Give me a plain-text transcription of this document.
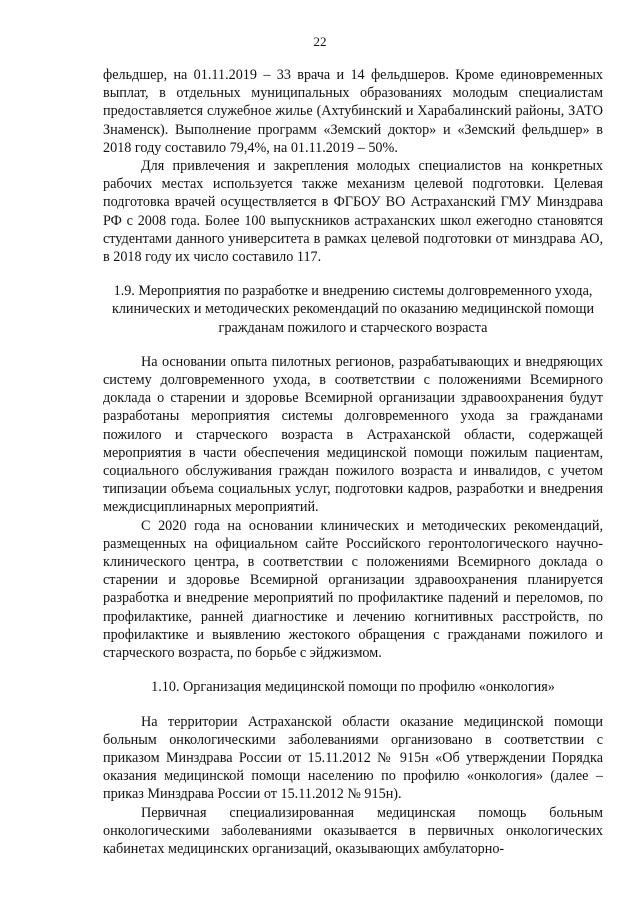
22

фельдшер, на 01.11.2019 – 33 врача и 14 фельдшеров. Кроме единовременных выплат, в отдельных муниципальных образованиях молодым специалистам предоставляется служебное жилье (Ахтубинский и Харабалинский районы, ЗАТО Знаменск). Выполнение программ «Земский доктор» и «Земский фельдшер» в 2018 году составило 79,4%, на 01.11.2019 – 50%.

Для привлечения и закрепления молодых специалистов на конкретных рабочих местах используется также механизм целевой подготовки. Целевая подготовка врачей осуществляется в ФГБОУ ВО Астраханский ГМУ Минздрава РФ с 2008 года. Более 100 выпускников астраханских школ ежегодно становятся студентами данного университета в рамках целевой подготовки от минздрава АО, в 2018 году их число составило 117.

1.9. Мероприятия по разработке и внедрению системы долговременного ухода, клинических и методических рекомендаций по оказанию медицинской помощи гражданам пожилого и старческого возраста

На основании опыта пилотных регионов, разрабатывающих и внедряющих систему долговременного ухода, в соответствии с положениями Всемирного доклада о старении и здоровье Всемирной организации здравоохранения будут разработаны мероприятия системы долговременного ухода за гражданами пожилого и старческого возраста в Астраханской области, содержащей мероприятия в части обеспечения медицинской помощи пожилым пациентам, социального обслуживания граждан пожилого возраста и инвалидов, с учетом типизации объема социальных услуг, подготовки кадров, разработки и внедрения междисциплинарных мероприятий.

С 2020 года на основании клинических и методических рекомендаций, размещенных на официальном сайте Российского геронтологического научно-клинического центра, в соответствии с положениями Всемирного доклада о старении и здоровье Всемирной организации здравоохранения планируется разработка и внедрение мероприятий по профилактике падений и переломов, по профилактике, ранней диагностике и лечению когнитивных расстройств, по профилактике и выявлению жестокого обращения с гражданами пожилого и старческого возраста, по борьбе с эйджизмом.

1.10. Организация медицинской помощи по профилю «онкология»

На территории Астраханской области оказание медицинской помощи больным онкологическими заболеваниями организовано в соответствии с приказом Минздрава России от 15.11.2012 № 915н «Об утверждении Порядка оказания медицинской помощи населению по профилю «онкология» (далее – приказ Минздрава России от 15.11.2012 № 915н).

Первичная специализированная медицинская помощь больным онкологическими заболеваниями оказывается в первичных онкологических кабинетах медицинских организаций, оказывающих амбулаторно-
